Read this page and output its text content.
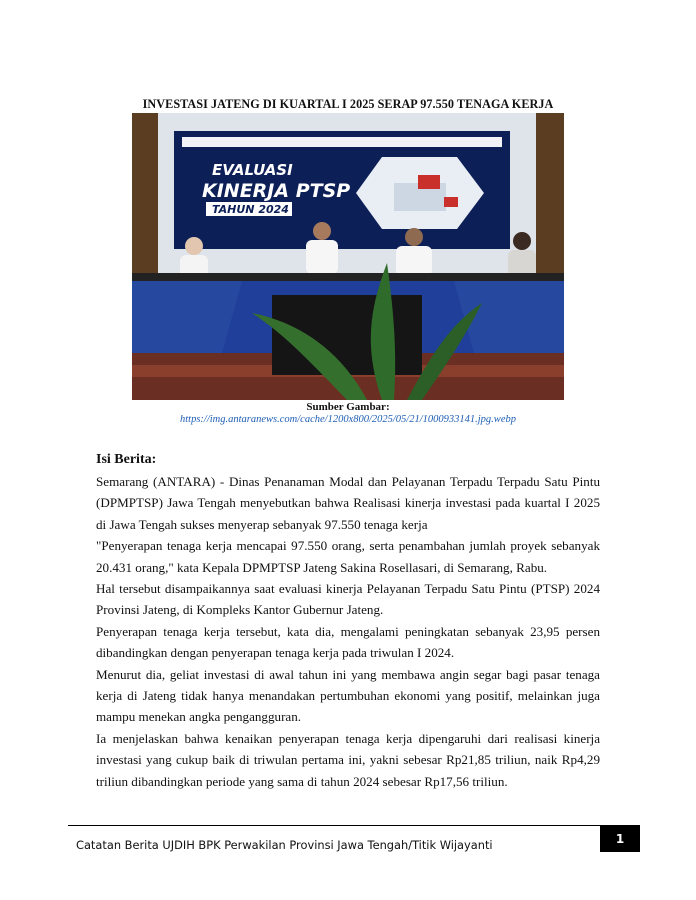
INVESTASI JATENG DI KUARTAL I 2025 SERAP 97.550 TENAGA KERJA
EVALUASI
KINERJA PTSP
TAHUN 2024
Sumber Gambar:
https://img.antaranews.com/cache/1200x800/2025/05/21/1000933141.jpg.webp
Isi Berita:

Semarang (ANTARA) - Dinas Penanaman Modal dan Pelayanan Terpadu Terpadu Satu Pintu (DPMPTSP) Jawa Tengah menyebutkan bahwa Realisasi kinerja investasi pada kuartal I 2025 di Jawa Tengah sukses menyerap sebanyak 97.550 tenaga kerja

"Penyerapan tenaga kerja mencapai 97.550 orang, serta penambahan jumlah proyek sebanyak 20.431 orang," kata Kepala DPMPTSP Jateng Sakina Rosellasari, di Semarang, Rabu.

Hal tersebut disampaikannya saat evaluasi kinerja Pelayanan Terpadu Satu Pintu (PTSP) 2024 Provinsi Jateng, di Kompleks Kantor Gubernur Jateng.

Penyerapan tenaga kerja tersebut, kata dia, mengalami peningkatan sebanyak 23,95 persen dibandingkan dengan penyerapan tenaga kerja pada triwulan I 2024.

Menurut dia, geliat investasi di awal tahun ini yang membawa angin segar bagi pasar tenaga kerja di Jateng tidak hanya menandakan pertumbuhan ekonomi yang positif, melainkan juga mampu menekan angka pengangguran.

Ia menjelaskan bahwa kenaikan penyerapan tenaga kerja dipengaruhi dari realisasi kinerja investasi yang cukup baik di triwulan pertama ini, yakni sebesar Rp21,85 triliun, naik Rp4,29 triliun dibandingkan periode yang sama di tahun 2024 sebesar Rp17,56 triliun.

Catatan Berita UJDIH BPK Perwakilan Provinsi Jawa Tengah/Titik Wijayanti	1
